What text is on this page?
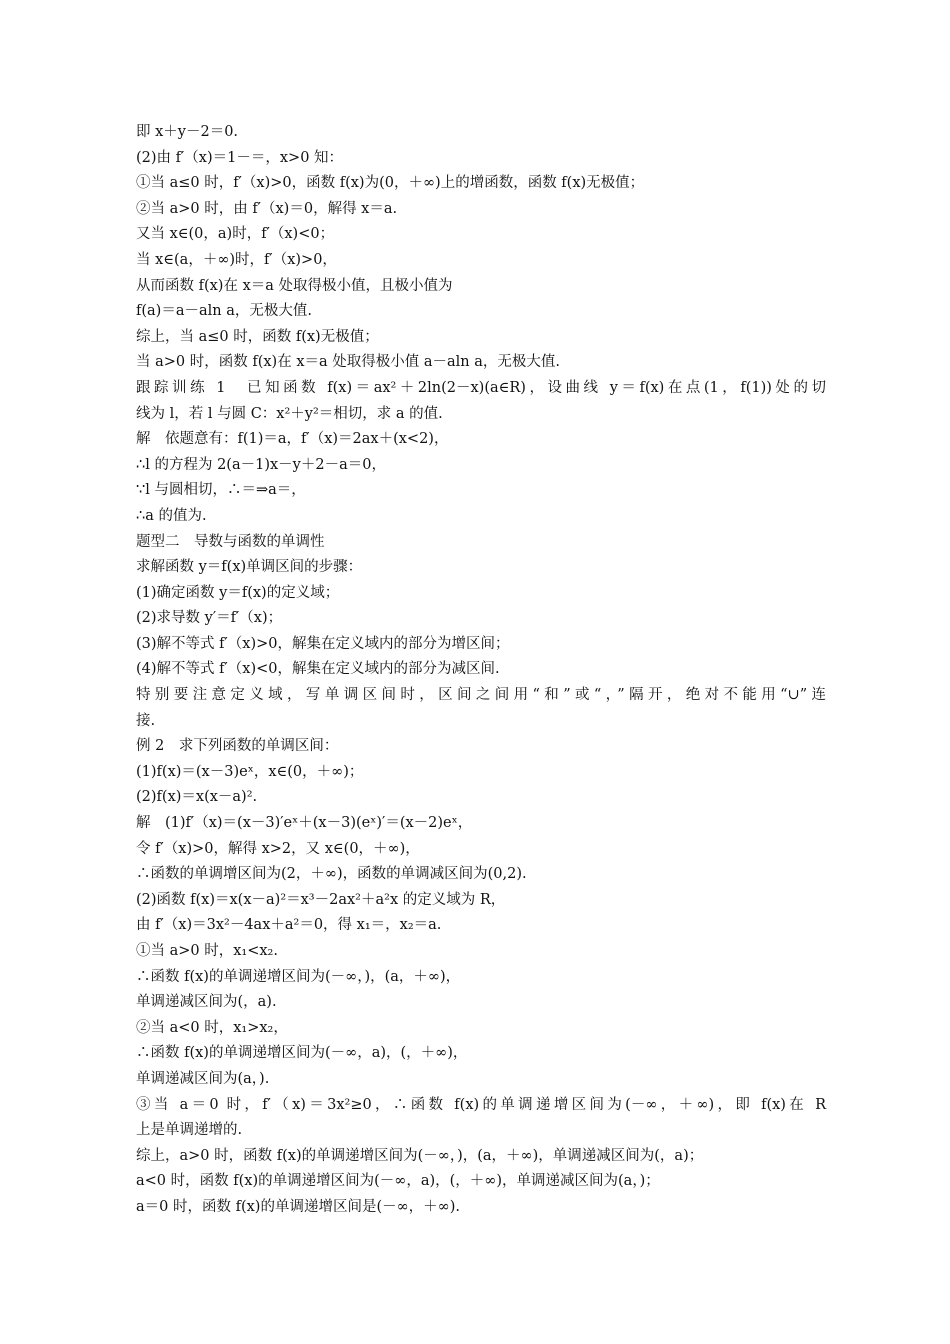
即 x＋y－2＝0.
(2)由 f′（x)＝1－＝，x>0 知：
①当 a≤0 时，f′（x)>0，函数 f(x)为(0，＋∞)上的增函数，函数 f(x)无极值；
②当 a>0 时，由 f′（x)＝0，解得 x＝a.
又当 x∈(0，a)时，f′（x)<0；
当 x∈(a，＋∞)时，f′（x)>0，
从而函数 f(x)在 x＝a 处取得极小值，且极小值为
f(a)＝a－aln a，无极大值.
综上，当 a≤0 时，函数 f(x)无极值；
当 a>0 时，函数 f(x)在 x＝a 处取得极小值 a－aln a，无极大值.
跟踪训练 1　已知函数 f(x)＝ax²＋2ln(2－x)(a∈R)，设曲线 y＝f(x)在点(1，f(1))处的切
线为 l，若 l 与圆 C：x²＋y²＝相切，求 a 的值.
解　依题意有：f(1)＝a，f′（x)＝2ax＋(x<2)，
∴l 的方程为 2(a－1)x－y＋2－a＝0，
∵l 与圆相切，∴＝⇒a＝，
∴a 的值为.
题型二　导数与函数的单调性
求解函数 y＝f(x)单调区间的步骤：
(1)确定函数 y＝f(x)的定义域；
(2)求导数 y′＝f′（x)；
(3)解不等式 f′（x)>0，解集在定义域内的部分为增区间；
(4)解不等式 f′（x)<0，解集在定义域内的部分为减区间.
特别要注意定义域，写单调区间时，区间之间用“和”或“，”隔开，绝对不能用“∪”连
接.
例 2　求下列函数的单调区间：
(1)f(x)＝(x－3)eˣ，x∈(0，＋∞)；
(2)f(x)＝x(x－a)².
解　(1)f′（x)＝(x－3)′eˣ＋(x－3)(eˣ)′＝(x－2)eˣ，
令 f′（x)>0，解得 x>2，又 x∈(0，＋∞)，
∴函数的单调增区间为(2，＋∞)，函数的单调减区间为(0,2).
(2)函数 f(x)＝x(x－a)²＝x³－2ax²＋a²x 的定义域为 R，
由 f′（x)＝3x²－4ax＋a²＝0，得 x₁＝，x₂＝a.
①当 a>0 时，x₁<x₂.
∴函数 f(x)的单调递增区间为(－∞，)，(a，＋∞)，
单调递减区间为(，a).
②当 a<0 时，x₁>x₂，
∴函数 f(x)的单调递增区间为(－∞，a)，(，＋∞)，
单调递减区间为(a，).
③当 a＝0 时，f′（x)＝3x²≥0，∴函数 f(x)的单调递增区间为(－∞，＋∞)，即 f(x)在 R
上是单调递增的.
综上，a>0 时，函数 f(x)的单调递增区间为(－∞，)，(a，＋∞)，单调递减区间为(，a)；
a<0 时，函数 f(x)的单调递增区间为(－∞，a)，(，＋∞)，单调递减区间为(a，)；
a＝0 时，函数 f(x)的单调递增区间是(－∞，＋∞).
